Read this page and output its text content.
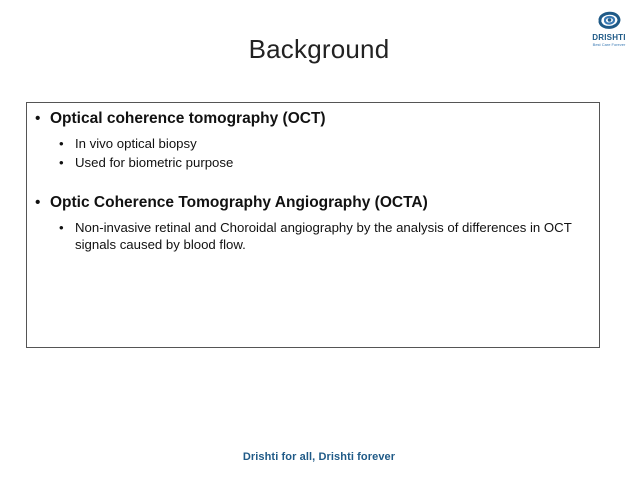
Background	DRISHTI
Best Care Forever
• Optical coherence tomography (OCT)
• In vivo optical biopsy
• Used for biometric purpose
• Optic Coherence Tomography Angiography (OCTA)
• Non-invasive retinal and Choroidal angiography by the analysis of differences in OCT signals caused by blood flow.
Drishti for all, Drishti forever
